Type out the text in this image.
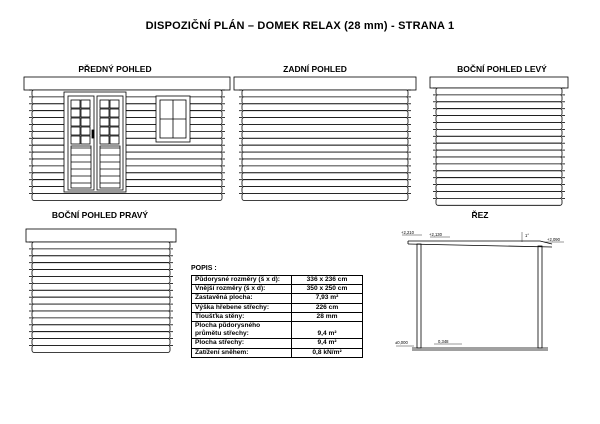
DISPOZIČNÍ PLÁN – DOMEK RELAX (28 mm) - STRANA 1
PŘEDNÝ POHLED	ZADNÍ POHLED	BOČNÍ POHLED LEVÝ
BOČNÍ POHLED PRAVÝ	ŘEZ
+2,210	+2,130
+2,090
±0,000	0,348
1°
POPIS :
Půdorysné rozměry (š x d):	336 x 236 cm
Vnější rozměry (š x d):	350 x 250 cm
Zastavěná plocha:	7,93 m²
Výška hřebene střechy:	226 cm
Tloušťka stěny:	28 mm
Plocha půdorysného průmětu střechy:	9,4 m²
Plocha střechy:	9,4 m²
Zatížení sněhem:	0,8 kN/m²
